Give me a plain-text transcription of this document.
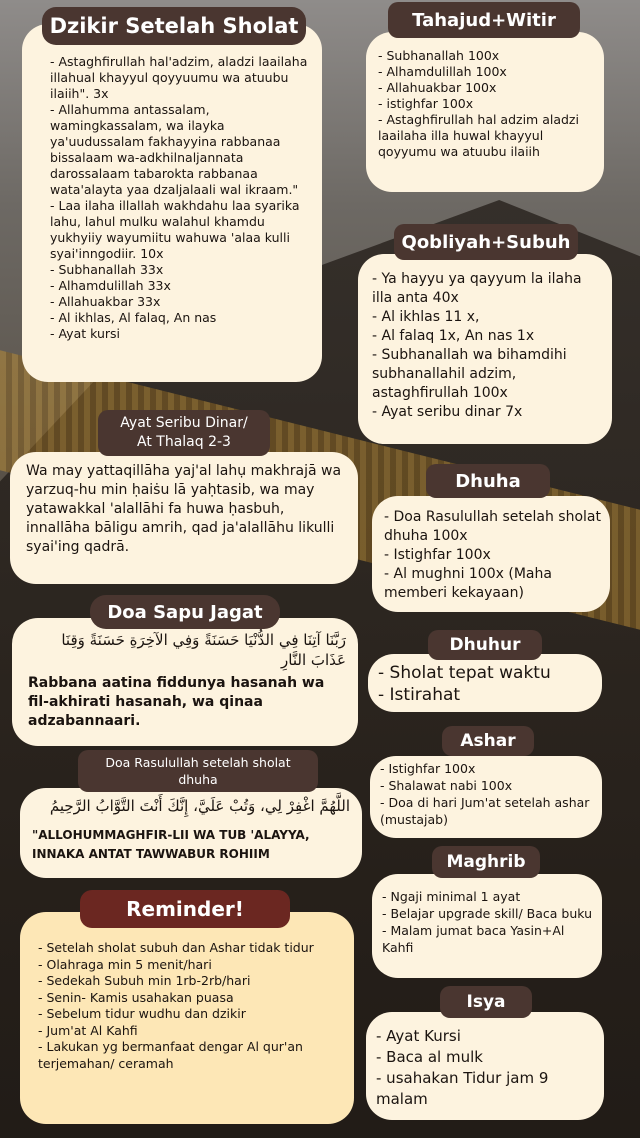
- Astaghfirullah hal'adzim, aladzi laailaha illahual khayyul qoyyuumu wa atuubu ilaiih". 3x
- Allahumma antassalam, wamingkassalam, wa ilayka ya'uudussalam fakhayyina rabbanaa bissalaam wa-adkhilnaljannata darossalaam tabarokta rabbanaa wata'alayta yaa dzaljalaali wal ikraam."
- Laa ilaha illallah wakhdahu laa syarika lahu, lahul mulku walahul khamdu yukhyiiy wayumiitu wahuwa 'alaa kulli syai'inngodiir. 10x
- Subhanallah 33x
- Alhamdulillah 33x
- Allahuakbar 33x
- Al ikhlas, Al falaq, An nas
- Ayat kursi

Dzikir Setelah Sholat

Wa may yattaqillāha yaj'al lahụ makhrajā wa yarzuq-hu min ḥaiṡu lā yaḥtasib, wa may yatawakkal 'alallāhi fa huwa ḥasbuh, innallāha bāligu amrih, qad ja'alallāhu likulli syai'ing qadrā.

Ayat Seribu Dinar/
At Thalaq 2-3

رَبَّنَا آتِنَا فِي الدُّنْيَا حَسَنَةً وَفِي الآخِرَةِ حَسَنَةً وَقِنَا عَذَابَ النَّارِ

Rabbana aatina fiddunya hasanah wa fil-akhirati hasanah, wa qinaa adzabannaari.

Doa Sapu Jagat

اللَّهُمَّ اغْفِرْ لِي، وَتُبْ عَلَيَّ، إِنَّكَ أَنْتَ التَّوَّابُ الرَّحِيمُ

"ALLOHUMMAGHFIR-LII WA TUB 'ALAYYA,
INNAKA ANTAT TAWWABUR ROHIIM

Doa Rasulullah setelah sholat
dhuha

- Setelah sholat subuh dan Ashar tidak tidur
- Olahraga min 5 menit/hari
- Sedekah Subuh min 1rb-2rb/hari
- Senin- Kamis usahakan puasa
- Sebelum tidur wudhu dan dzikir
- Jum'at Al Kahfi
- Lakukan yg bermanfaat dengar Al qur'an terjemahan/ ceramah

Reminder!

- Subhanallah 100x
- Alhamdulillah 100x
- Allahuakbar 100x
- istighfar 100x
- Astaghfirullah hal adzim aladzi laailaha illa huwal khayyul qoyyumu wa atuubu ilaiih

Tahajud+Witir

- Ya hayyu ya qayyum la ilaha illa anta 40x
- Al ikhlas 11 x,
- Al falaq 1x, An nas 1x
- Subhanallah wa bihamdihi subhanallahil adzim, astaghfirullah 100x
- Ayat seribu dinar 7x

Qobliyah+Subuh

- Doa Rasulullah setelah sholat dhuha 100x
- Istighfar 100x
- Al mughni 100x (Maha memberi kekayaan)

Dhuha

- Sholat tepat waktu
- Istirahat

Dhuhur

- Istighfar 100x
- Shalawat nabi 100x
- Doa di hari Jum'at setelah ashar (mustajab)

Ashar

- Ngaji minimal 1 ayat
- Belajar upgrade skill/ Baca buku
- Malam jumat baca Yasin+Al Kahfi

Maghrib

- Ayat Kursi
- Baca al mulk
- usahakan Tidur jam 9 malam

Isya
